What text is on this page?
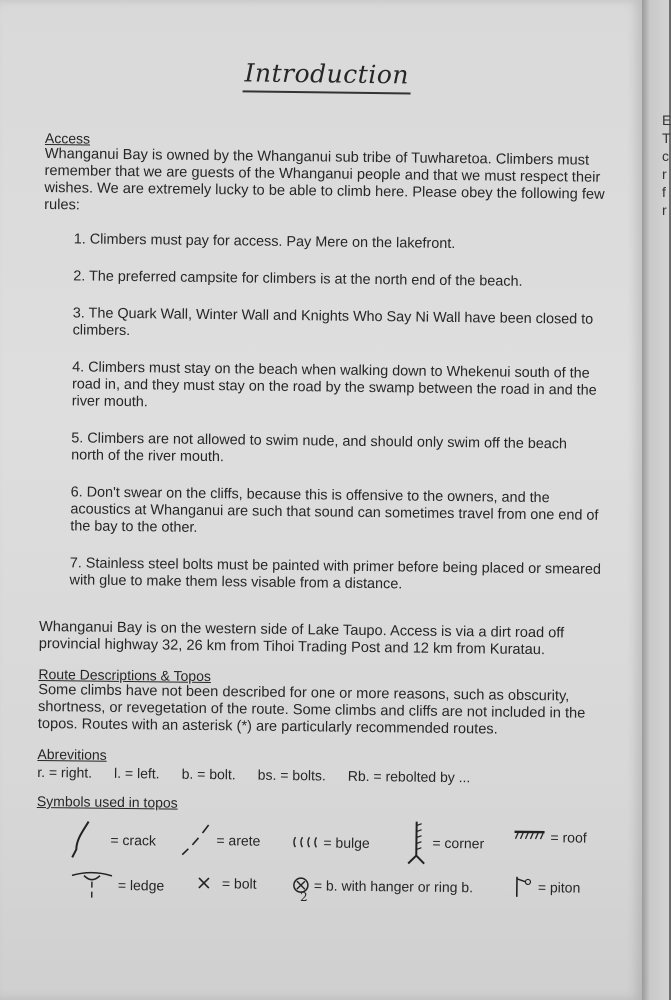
Introduction
Access

Whanganui Bay is owned by the Whanganui sub tribe of Tuwharetoa. Climbers must remember that we are guests of the Whanganui people and that we must respect their wishes. We are extremely lucky to be able to climb here. Please obey the following few rules:

1. Climbers must pay for access. Pay Mere on the lakefront.
2. The preferred campsite for climbers is at the north end of the beach.
3. The Quark Wall, Winter Wall and Knights Who Say Ni Wall have been closed to climbers.
4. Climbers must stay on the beach when walking down to Whekenui south of the road in, and they must stay on the road by the swamp between the road in and the river mouth.
5. Climbers are not allowed to swim nude, and should only swim off the beach north of the river mouth.
6. Don't swear on the cliffs, because this is offensive to the owners, and the acoustics at Whanganui are such that sound can sometimes travel from one end of the bay to the other.
7. Stainless steel bolts must be painted with primer before being placed or smeared with glue to make them less visable from a distance.

Whanganui Bay is on the western side of Lake Taupo. Access is via a dirt road off provincial highway 32, 26 km from Tihoi Trading Post and 12 km from Kuratau.

Route Descriptions & Topos

Some climbs have not been described for one or more reasons, such as obscurity, shortness, or revegetation of the route. Some climbs and cliffs are not included in the topos. Routes with an asterisk (*) are particularly recommended routes.

Abrevitions
r. = right. l. = left. b. = bolt. bs. = bolts. Rb. = rebolted by ...
Symbols used in topos
= crack	= arete	= bulge	= corner	= roof
= ledge	= bolt	= b. with hanger or ring b.	= piton
2
E
T
c
r
f
r
